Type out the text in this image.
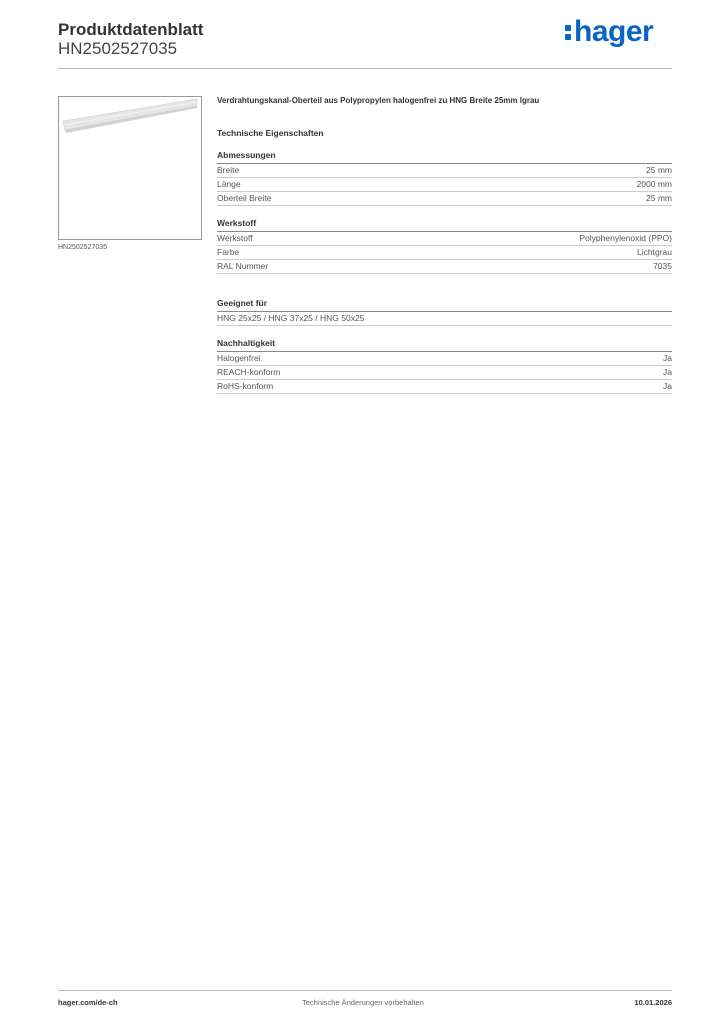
Produktdatenblatt
HN2502527035
hager
HN2502527035
Verdrahtungskanal-Oberteil aus Polypropylen halogenfrei zu HNG Breite 25mm lgrau
Technische Eigenschaften
Abmessungen
Breite	25 mm
Länge	2000 mm
Oberteil Breite	25 mm
Werkstoff
Werkstoff	Polyphenylenoxid (PPO)
Farbe	Lichtgrau
RAL Nummer	7035
Geeignet für
HNG 25x25 / HNG 37x25 / HNG 50x25
Nachhaltigkeit
Halogenfrei	Ja
REACH-konform	Ja
RoHS-konform	Ja
hager.com/de-ch	Technische Änderungen vorbehalten	10.01.2026
